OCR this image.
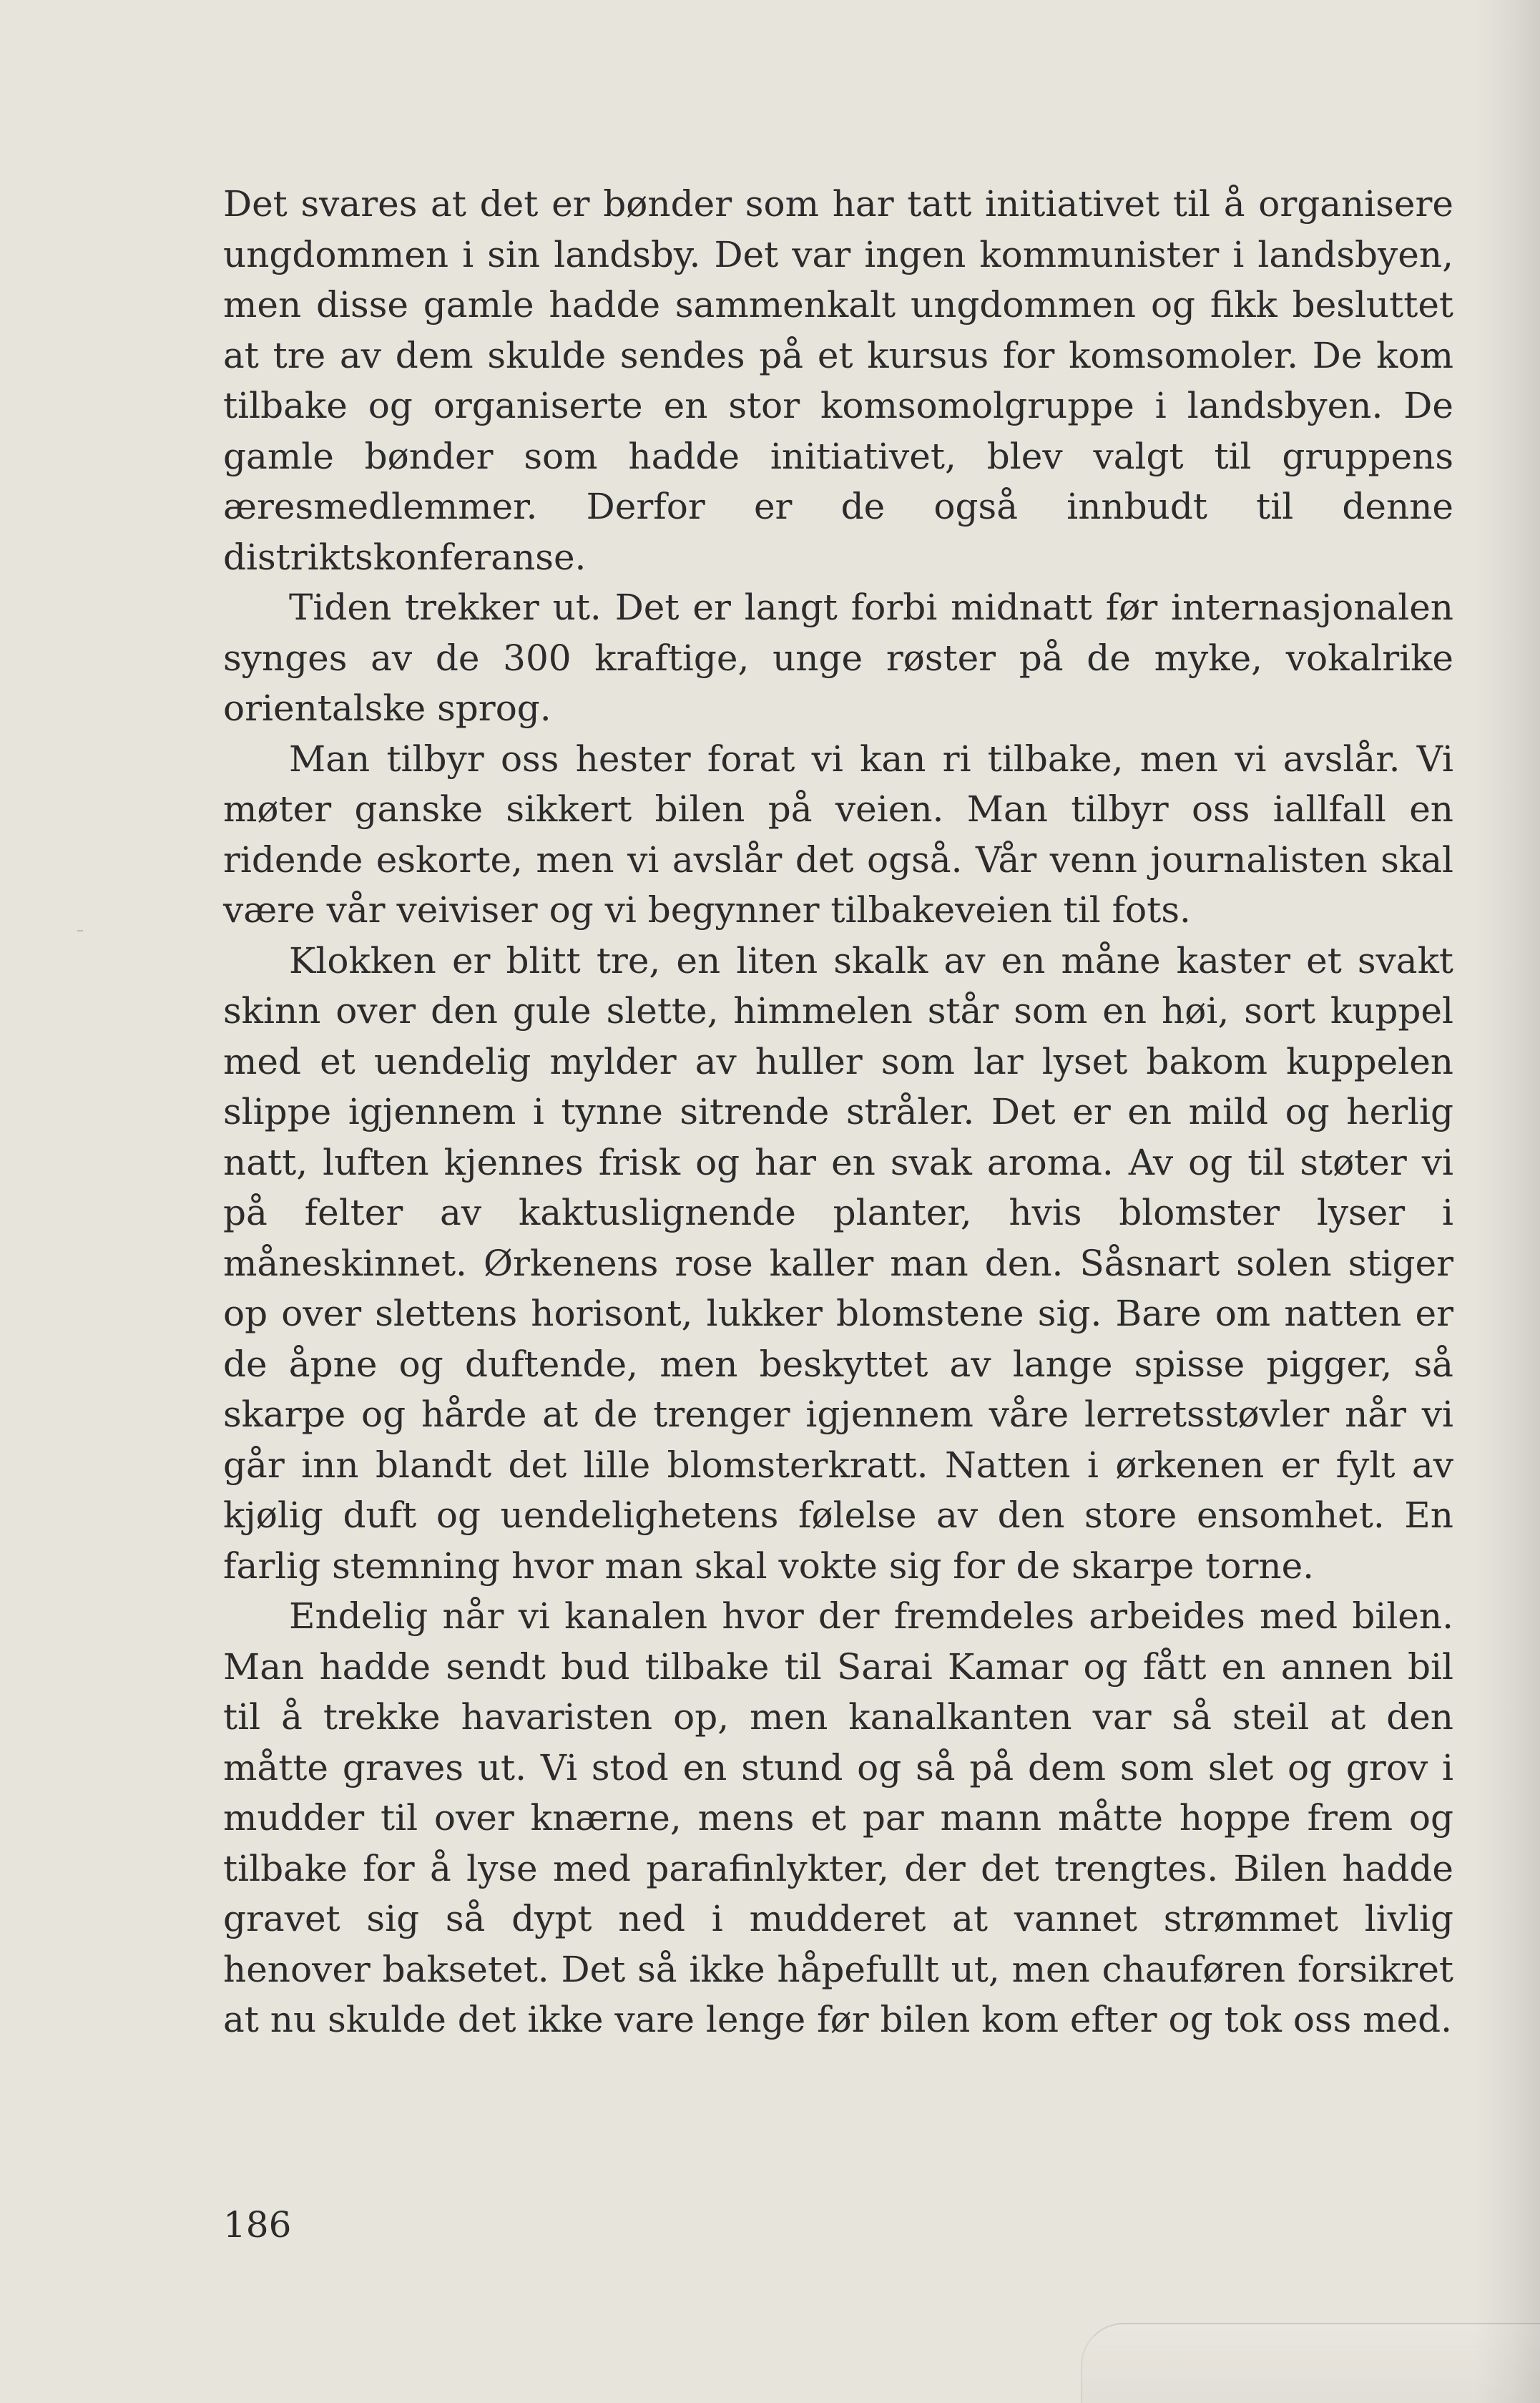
Det svares at det er bønder som har tatt initiativet til å organisere ungdommen i sin landsby. Det var ingen kommunister i landsbyen, men disse gamle hadde sammenkalt ungdommen og fikk besluttet at tre av dem skulde sendes på et kursus for komsomoler. De kom tilbake og organiserte en stor komsomolgruppe i landsbyen. De gamle bønder som hadde initiativet, blev valgt til gruppens æresmedlemmer. Derfor er de også innbudt til denne distriktskonferanse.

Tiden trekker ut. Det er langt forbi midnatt før internasjonalen synges av de 300 kraftige, unge røster på de myke, vokalrike orientalske sprog.

Man tilbyr oss hester forat vi kan ri tilbake, men vi avslår. Vi møter ganske sikkert bilen på veien. Man tilbyr oss iallfall en ridende eskorte, men vi avslår det også. Vår venn journalisten skal være vår veiviser og vi begynner tilbakeveien til fots.

Klokken er blitt tre, en liten skalk av en måne kaster et svakt skinn over den gule slette, himmelen står som en høi, sort kuppel med et uendelig mylder av huller som lar lyset bakom kuppelen slippe igjennem i tynne sitrende stråler. Det er en mild og herlig natt, luften kjennes frisk og har en svak aroma. Av og til støter vi på felter av kaktuslignende planter, hvis blomster lyser i måneskinnet. Ørkenens rose kaller man den. Såsnart solen stiger op over slettens horisont, lukker blomstene sig. Bare om natten er de åpne og duftende, men beskyttet av lange spisse pigger, så skarpe og hårde at de trenger igjennem våre lerretsstøvler når vi går inn blandt det lille blomsterkratt. Natten i ørkenen er fylt av kjølig duft og uendelighetens følelse av den store ensomhet. En farlig stemning hvor man skal vokte sig for de skarpe torne.

Endelig når vi kanalen hvor der fremdeles arbeides med bilen. Man hadde sendt bud tilbake til Sarai Kamar og fått en annen bil til å trekke havaristen op, men kanalkanten var så steil at den måtte graves ut. Vi stod en stund og så på dem som slet og grov i mudder til over knærne, mens et par mann måtte hoppe frem og tilbake for å lyse med parafinlykter, der det trengtes. Bilen hadde gravet sig så dypt ned i mudderet at vannet strømmet livlig henover baksetet. Det så ikke håpefullt ut, men chauføren forsikret at nu skulde det ikke vare lenge før bilen kom efter og tok oss med.

186
